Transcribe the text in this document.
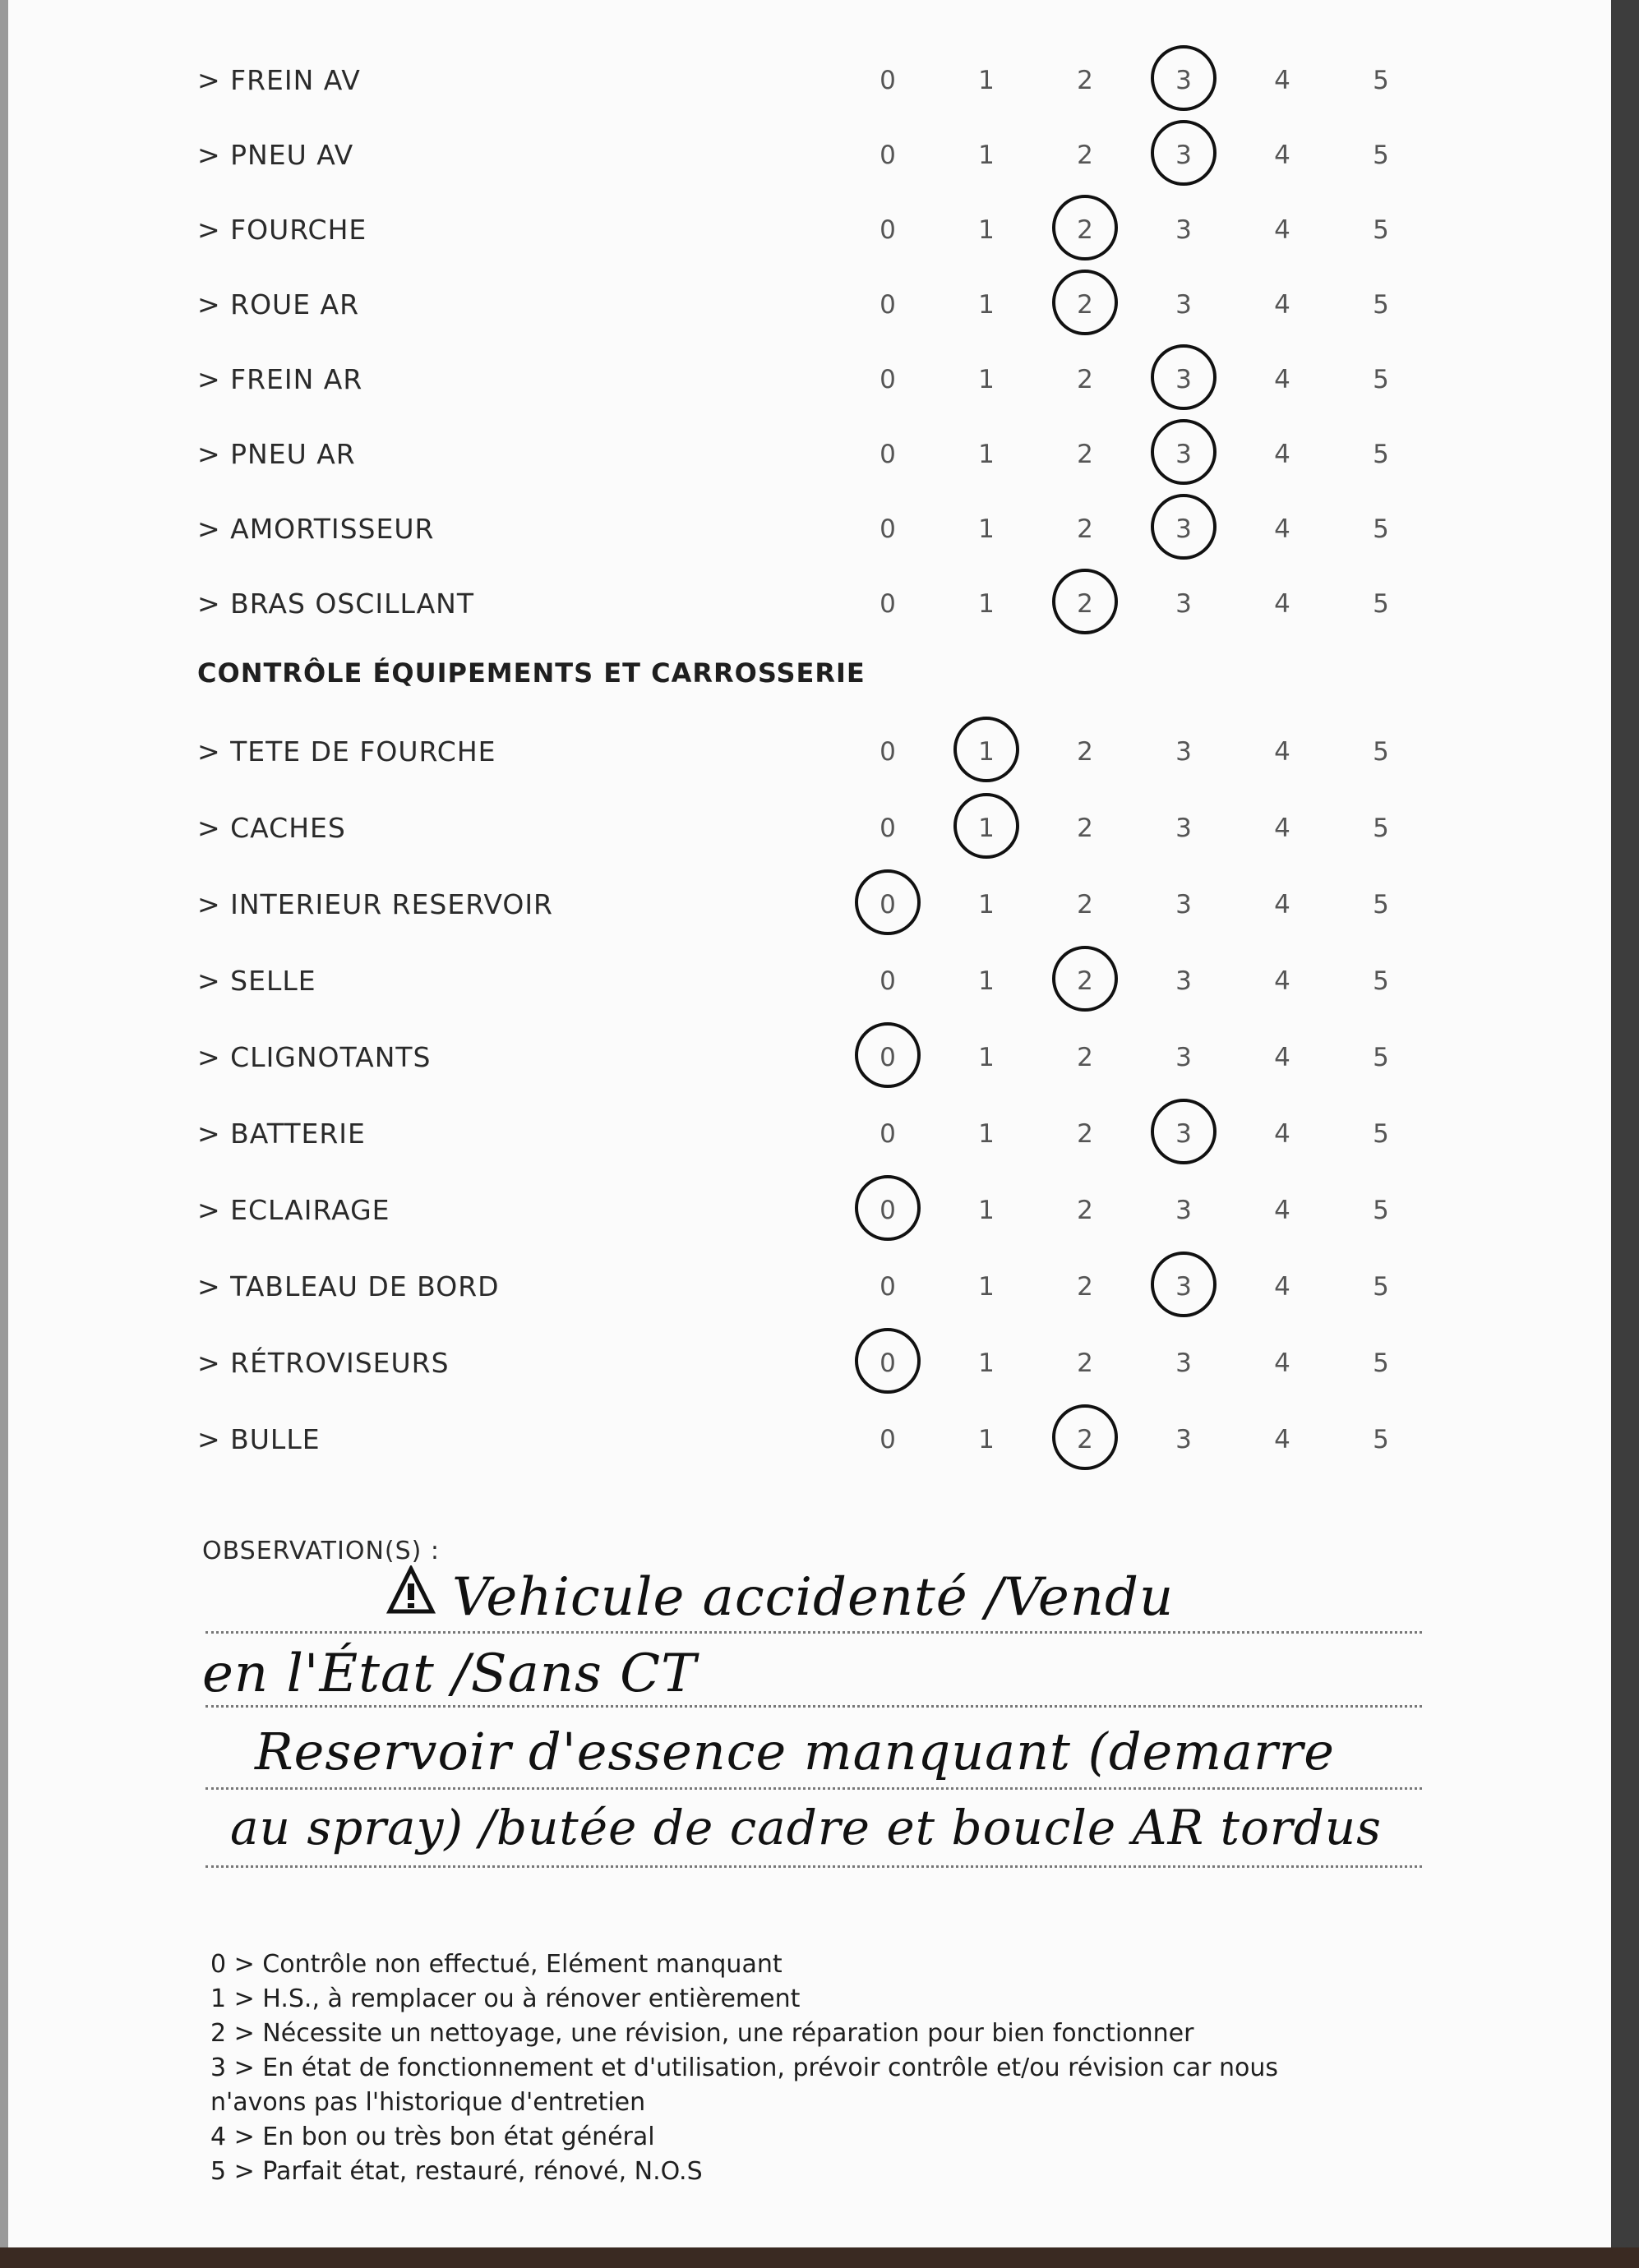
> FREIN AV	0	1	2	3	4	5
> PNEU AV	0	1	2	3	4	5
> FOURCHE	0	1	2	3	4	5
> ROUE AR	0	1	2	3	4	5
> FREIN AR	0	1	2	3	4	5
> PNEU AR	0	1	2	3	4	5
> AMORTISSEUR	0	1	2	3	4	5
> BRAS OSCILLANT	0	1	2	3	4	5
> TETE DE FOURCHE	0	1	2	3	4	5
> CACHES	0	1	2	3	4	5
> INTERIEUR RESERVOIR	0	1	2	3	4	5
> SELLE	0	1	2	3	4	5
> CLIGNOTANTS	0	1	2	3	4	5
> BATTERIE	0	1	2	3	4	5
> ECLAIRAGE	0	1	2	3	4	5
> TABLEAU DE BORD	0	1	2	3	4	5
> RÉTROVISEURS	0	1	2	3	4	5
> BULLE	0	1	2	3	4	5
CONTRÔLE ÉQUIPEMENTS ET CARROSSERIE
OBSERVATION(S) :
Vehicule accidenté /Vendu
en l'État /Sans CT
Reservoir d'essence manquant (demarre
au spray) /butée de cadre et boucle AR tordus
0 > Contrôle non effectué, Elément manquant
1 > H.S., à remplacer ou à rénover entièrement
2 > Nécessite un nettoyage, une révision, une réparation pour bien fonctionner
3 > En état de fonctionnement et d'utilisation, prévoir contrôle et/ou révision car nous
n'avons pas l'historique d'entretien
4 > En bon ou très bon état général
5 > Parfait état, restauré, rénové, N.O.S
